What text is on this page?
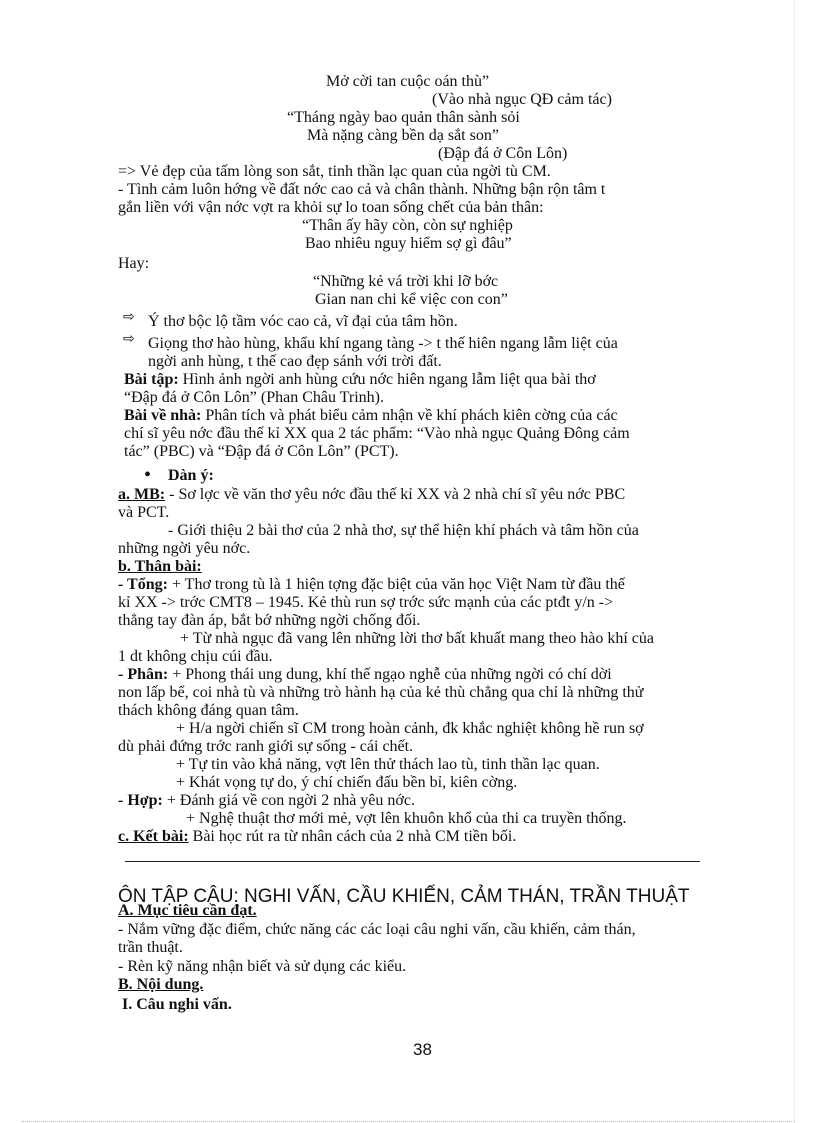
Mở cời tan cuộc oán thù”
(Vào nhà ngục QĐ cảm tác)
“Tháng ngày bao quản thân sành sỏi
Mà nặng càng bền dạ sắt son”
(Đập đá ở Côn Lôn)
=> Vẻ đẹp của tấm lòng son sắt, tinh thần lạc quan của ngời tù CM.
- Tình cảm luôn hớng về đất nớc cao cả và chân thành. Những bận rộn tâm t
gắn liền với vận nớc vợt ra khỏi sự lo toan sống chết của bản thân:
“Thân ấy hãy còn, còn sự nghiệp
Bao nhiêu nguy hiểm sợ gì đâu”
Hay:
“Những kẻ vá trời khi lỡ bớc
Gian nan chi kể việc con con”
⇨ Ý thơ bộc lộ tầm vóc cao cả, vĩ đại của tâm hồn.
⇨ Giọng thơ hào hùng, khẩu khí ngang tàng -> t thế hiên ngang lẫm liệt của
ngời anh hùng, t thế cao đẹp sánh với trời đất.
Bài tập: Hình ảnh ngời anh hùng cứu nớc hiên ngang lẫm liệt qua bài thơ
“Đập đá ở Côn Lôn” (Phan Châu Trinh).
Bài về nhà: Phân tích và phát biểu cảm nhận về khí phách kiên cờng của các
chí sĩ yêu nớc đầu thế kỉ XX qua 2 tác phẩm: “Vào nhà ngục Quảng Đông cảm
tác” (PBC) và “Đập đá ở Côn Lôn” (PCT).
• Dàn ý:
a. MB: - Sơ lợc về văn thơ yêu nớc đầu thế kỉ XX và 2 nhà chí sĩ yêu nớc PBC
và PCT.
- Giới thiệu 2 bài thơ của 2 nhà thơ, sự thể hiện khí phách và tâm hồn của
những ngời yêu nớc.
b. Thân bài:
- Tổng: + Thơ trong tù là 1 hiện tợng đặc biệt của văn học Việt Nam từ đầu thế
kỉ XX -> trớc CMT8 – 1945. Kẻ thù run sợ trớc sức mạnh của các ptđt y/n ->
thẳng tay đàn áp, bắt bớ những ngời chống đối.
+ Từ nhà ngục đã vang lên những lời thơ bất khuất mang theo hào khí của
1 dt không chịu cúi đầu.
- Phân: + Phong thái ung dung, khí thế ngạo nghễ của những ngời có chí dời
non lấp bể, coi nhà tù và những trò hành hạ của kẻ thù chẳng qua chỉ là những thử
thách không đáng quan tâm.
+ H/a ngời chiến sĩ CM trong hoàn cảnh, đk khắc nghiệt không hề run sợ
dù phải đứng trớc ranh giới sự sống - cái chết.
+ Tự tin vào khả năng, vợt lên thử thách lao tù, tinh thần lạc quan.
+ Khát vọng tự do, ý chí chiến đấu bền bỉ, kiên cờng.
- Hợp: + Đánh giá về con ngời 2 nhà yêu nớc.
+ Nghệ thuật thơ mới mẻ, vợt lên khuôn khổ của thi ca truyền thống.
c. Kết bài: Bài học rút ra từ nhân cách của 2 nhà CM tiền bối.
ÔN TẬP CÂU: NGHI VẤN, CẦU KHIẾN, CẢM THÁN, TRẦN THUẬT
A. Mục tiêu cần đạt.
- Nắm vững đặc điểm, chức năng các các loại câu nghi vấn, cầu khiến, cảm thán,
trần thuật.
- Rèn kỹ năng nhận biết và sử dụng các kiểu.
B. Nội dung.
I. Câu nghi vấn.
38
